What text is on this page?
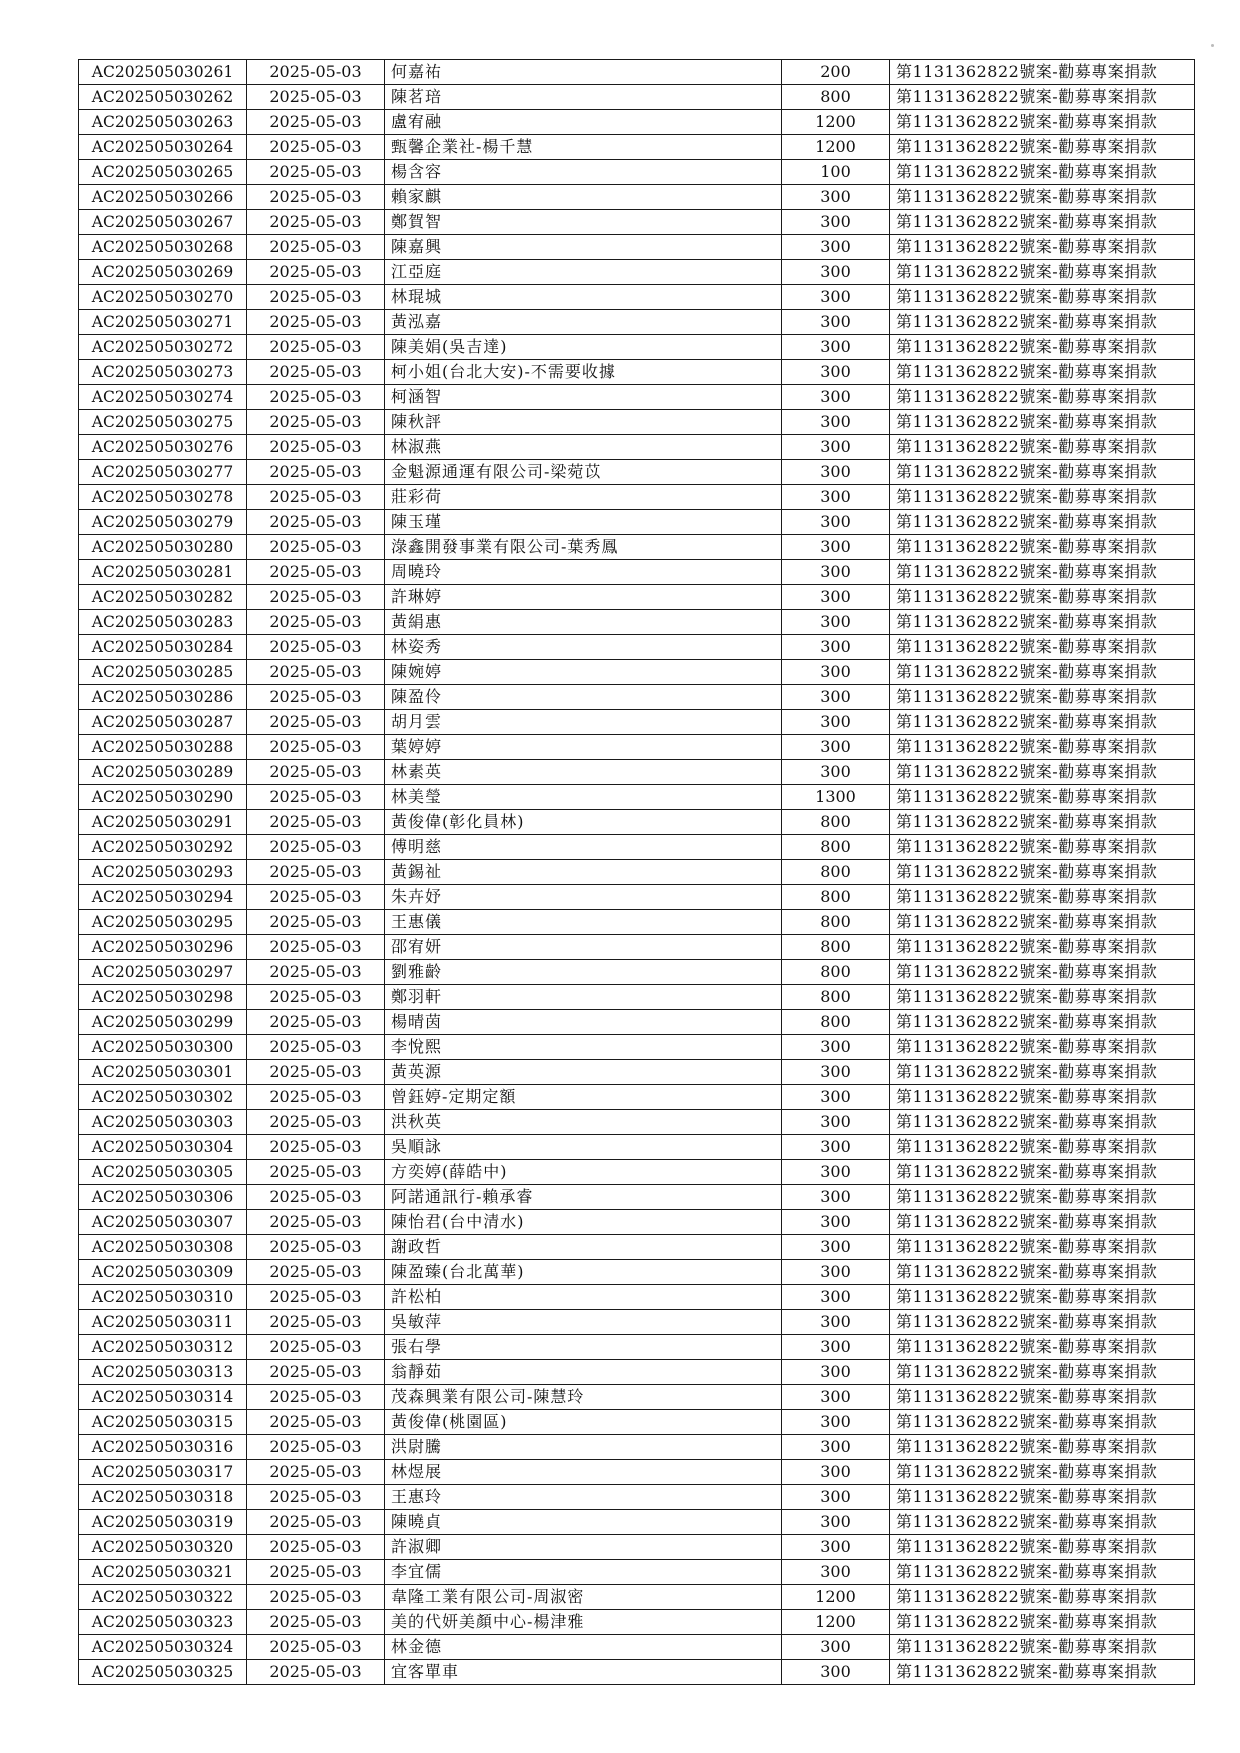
AC202505030261	2025-05-03	何嘉祐	200	第1131362822號案-勸募專案捐款
AC202505030262	2025-05-03	陳茗琣	800	第1131362822號案-勸募專案捐款
AC202505030263	2025-05-03	盧宥融	1200	第1131362822號案-勸募專案捐款
AC202505030264	2025-05-03	甄馨企業社-楊千慧	1200	第1131362822號案-勸募專案捐款
AC202505030265	2025-05-03	楊含容	100	第1131362822號案-勸募專案捐款
AC202505030266	2025-05-03	賴家麒	300	第1131362822號案-勸募專案捐款
AC202505030267	2025-05-03	鄭賀智	300	第1131362822號案-勸募專案捐款
AC202505030268	2025-05-03	陳嘉興	300	第1131362822號案-勸募專案捐款
AC202505030269	2025-05-03	江亞庭	300	第1131362822號案-勸募專案捐款
AC202505030270	2025-05-03	林琨城	300	第1131362822號案-勸募專案捐款
AC202505030271	2025-05-03	黃泓嘉	300	第1131362822號案-勸募專案捐款
AC202505030272	2025-05-03	陳美娟(吳吉達)	300	第1131362822號案-勸募專案捐款
AC202505030273	2025-05-03	柯小姐(台北大安)-不需要收據	300	第1131362822號案-勸募專案捐款
AC202505030274	2025-05-03	柯涵智	300	第1131362822號案-勸募專案捐款
AC202505030275	2025-05-03	陳秋評	300	第1131362822號案-勸募專案捐款
AC202505030276	2025-05-03	林淑燕	300	第1131362822號案-勸募專案捐款
AC202505030277	2025-05-03	金魁源通運有限公司-梁菀苡	300	第1131362822號案-勸募專案捐款
AC202505030278	2025-05-03	莊彩荷	300	第1131362822號案-勸募專案捐款
AC202505030279	2025-05-03	陳玉瑾	300	第1131362822號案-勸募專案捐款
AC202505030280	2025-05-03	淥鑫開發事業有限公司-葉秀鳳	300	第1131362822號案-勸募專案捐款
AC202505030281	2025-05-03	周曉玲	300	第1131362822號案-勸募專案捐款
AC202505030282	2025-05-03	許琳婷	300	第1131362822號案-勸募專案捐款
AC202505030283	2025-05-03	黃絹惠	300	第1131362822號案-勸募專案捐款
AC202505030284	2025-05-03	林姿秀	300	第1131362822號案-勸募專案捐款
AC202505030285	2025-05-03	陳婉婷	300	第1131362822號案-勸募專案捐款
AC202505030286	2025-05-03	陳盈伶	300	第1131362822號案-勸募專案捐款
AC202505030287	2025-05-03	胡月雲	300	第1131362822號案-勸募專案捐款
AC202505030288	2025-05-03	葉婷婷	300	第1131362822號案-勸募專案捐款
AC202505030289	2025-05-03	林素英	300	第1131362822號案-勸募專案捐款
AC202505030290	2025-05-03	林美瑩	1300	第1131362822號案-勸募專案捐款
AC202505030291	2025-05-03	黃俊偉(彰化員林)	800	第1131362822號案-勸募專案捐款
AC202505030292	2025-05-03	傅明慈	800	第1131362822號案-勸募專案捐款
AC202505030293	2025-05-03	黃錫祉	800	第1131362822號案-勸募專案捐款
AC202505030294	2025-05-03	朱卉妤	800	第1131362822號案-勸募專案捐款
AC202505030295	2025-05-03	王惠儀	800	第1131362822號案-勸募專案捐款
AC202505030296	2025-05-03	邵宥妍	800	第1131362822號案-勸募專案捐款
AC202505030297	2025-05-03	劉雅齡	800	第1131362822號案-勸募專案捐款
AC202505030298	2025-05-03	鄭羽軒	800	第1131362822號案-勸募專案捐款
AC202505030299	2025-05-03	楊晴茵	800	第1131362822號案-勸募專案捐款
AC202505030300	2025-05-03	李悅熙	300	第1131362822號案-勸募專案捐款
AC202505030301	2025-05-03	黃英源	300	第1131362822號案-勸募專案捐款
AC202505030302	2025-05-03	曾鈺婷-定期定額	300	第1131362822號案-勸募專案捐款
AC202505030303	2025-05-03	洪秋英	300	第1131362822號案-勸募專案捐款
AC202505030304	2025-05-03	吳順詠	300	第1131362822號案-勸募專案捐款
AC202505030305	2025-05-03	方奕婷(薛皓中)	300	第1131362822號案-勸募專案捐款
AC202505030306	2025-05-03	阿諾通訊行-賴承睿	300	第1131362822號案-勸募專案捐款
AC202505030307	2025-05-03	陳怡君(台中清水)	300	第1131362822號案-勸募專案捐款
AC202505030308	2025-05-03	謝政哲	300	第1131362822號案-勸募專案捐款
AC202505030309	2025-05-03	陳盈臻(台北萬華)	300	第1131362822號案-勸募專案捐款
AC202505030310	2025-05-03	許松柏	300	第1131362822號案-勸募專案捐款
AC202505030311	2025-05-03	吳敏萍	300	第1131362822號案-勸募專案捐款
AC202505030312	2025-05-03	張右學	300	第1131362822號案-勸募專案捐款
AC202505030313	2025-05-03	翁靜茹	300	第1131362822號案-勸募專案捐款
AC202505030314	2025-05-03	茂森興業有限公司-陳慧玲	300	第1131362822號案-勸募專案捐款
AC202505030315	2025-05-03	黃俊偉(桃園區)	300	第1131362822號案-勸募專案捐款
AC202505030316	2025-05-03	洪尉騰	300	第1131362822號案-勸募專案捐款
AC202505030317	2025-05-03	林煜展	300	第1131362822號案-勸募專案捐款
AC202505030318	2025-05-03	王惠玲	300	第1131362822號案-勸募專案捐款
AC202505030319	2025-05-03	陳曉貞	300	第1131362822號案-勸募專案捐款
AC202505030320	2025-05-03	許淑卿	300	第1131362822號案-勸募專案捐款
AC202505030321	2025-05-03	李宜儒	300	第1131362822號案-勸募專案捐款
AC202505030322	2025-05-03	韋隆工業有限公司-周淑密	1200	第1131362822號案-勸募專案捐款
AC202505030323	2025-05-03	美的代妍美顏中心-楊津雅	1200	第1131362822號案-勸募專案捐款
AC202505030324	2025-05-03	林金德	300	第1131362822號案-勸募專案捐款
AC202505030325	2025-05-03	宜客單車	300	第1131362822號案-勸募專案捐款
